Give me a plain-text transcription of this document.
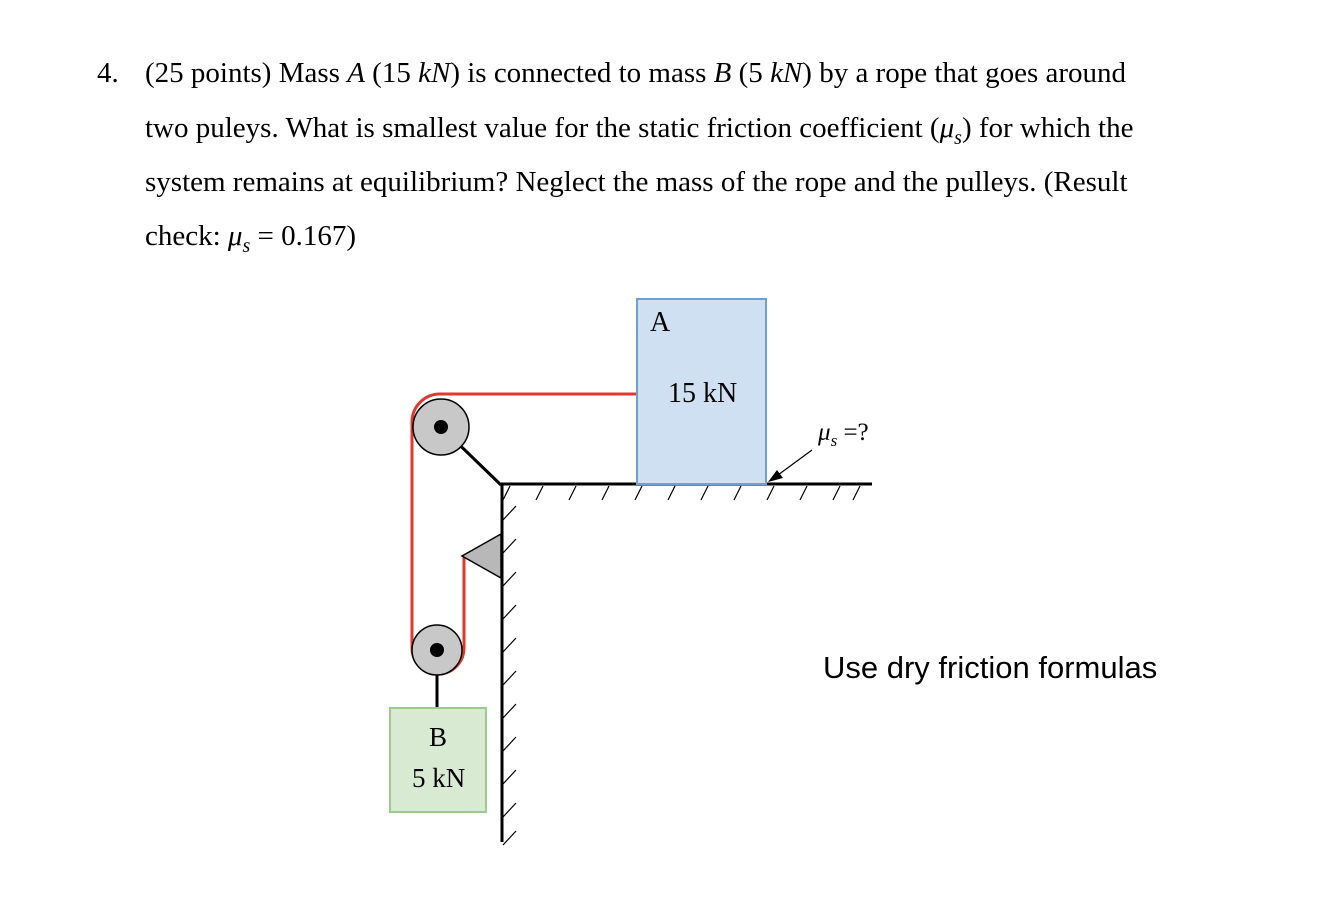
4. (25 points) Mass A (15 kN) is connected to mass B (5 kN) by a rope that goes around
two puleys. What is smallest value for the static friction coefficient $(\mu_s)$ for which the
system remains at equilibrium? Neglect the mass of the rope and the pulleys. (Result
check: $\mu_s = 0.167$)
A
15 kN
B
5 kN
$\mu_s$ =?
Use dry friction formulas
